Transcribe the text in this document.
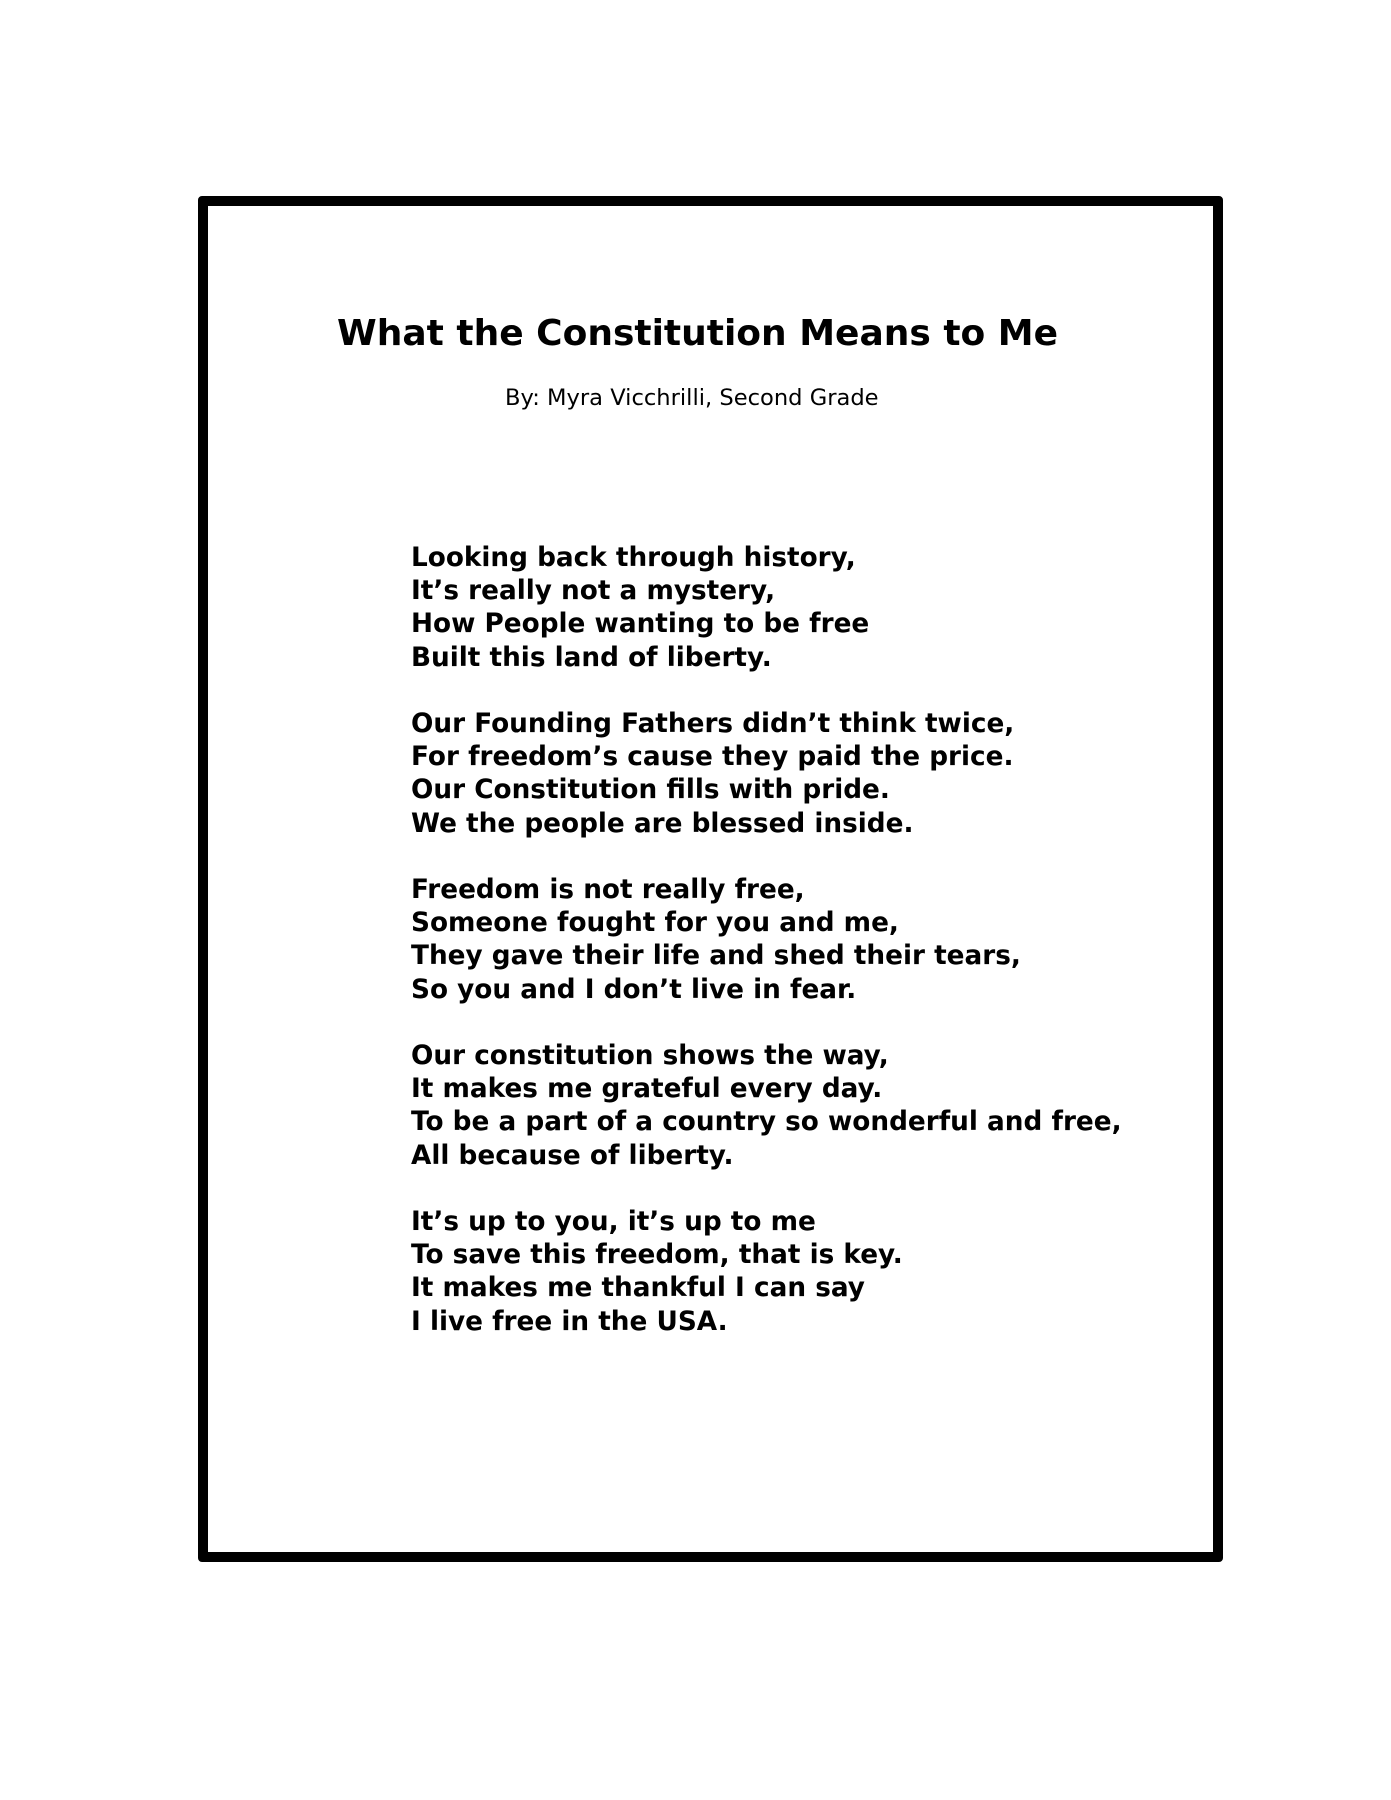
What the Constitution Means to Me

By: Myra Vicchrilli, Second Grade

Looking back through history,
It’s really not a mystery,
How People wanting to be free
Built this land of liberty.
Our Founding Fathers didn’t think twice,
For freedom’s cause they paid the price.
Our Constitution fills with pride.
We the people are blessed inside.
Freedom is not really free,
Someone fought for you and me,
They gave their life and shed their tears,
So you and I don’t live in fear.
Our constitution shows the way,
It makes me grateful every day.
To be a part of a country so wonderful and free,
All because of liberty.
It’s up to you, it’s up to me
To save this freedom, that is key.
It makes me thankful I can say
I live free in the USA.
